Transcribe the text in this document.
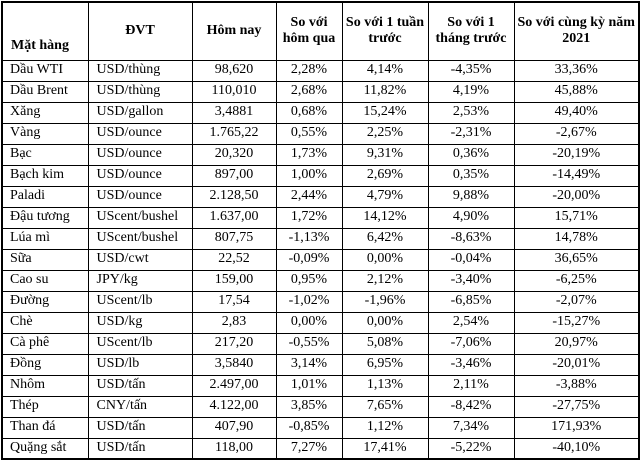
Mặt hàng	ĐVT	Hôm nay	So với hôm qua	So với 1 tuần trước	So với 1 tháng trước	So với cùng kỳ năm 2021
Dầu WTI	USD/thùng	98,620	2,28%	4,14%	-4,35%	33,36%
Dầu Brent	USD/thùng	110,010	2,68%	11,82%	4,19%	45,88%
Xăng	USD/gallon	3,4881	0,68%	15,24%	2,53%	49,40%
Vàng	USD/ounce	1.765,22	0,55%	2,25%	-2,31%	-2,67%
Bạc	USD/ounce	20,320	1,73%	9,31%	0,36%	-20,19%
Bạch kim	USD/ounce	897,00	1,00%	2,69%	0,35%	-14,49%
Paladi	USD/ounce	2.128,50	2,44%	4,79%	9,88%	-20,00%
Đậu tương	UScent/bushel	1.637,00	1,72%	14,12%	4,90%	15,71%
Lúa mì	UScent/bushel	807,75	-1,13%	6,42%	-8,63%	14,78%
Sữa	USD/cwt	22,52	-0,09%	0,00%	-0,04%	36,65%
Cao su	JPY/kg	159,00	0,95%	2,12%	-3,40%	-6,25%
Đường	UScent/lb	17,54	-1,02%	-1,96%	-6,85%	-2,07%
Chè	USD/kg	2,83	0,00%	0,00%	2,54%	-15,27%
Cà phê	UScent/lb	217,20	-0,55%	5,08%	-7,06%	20,97%
Đồng	USD/lb	3,5840	3,14%	6,95%	-3,46%	-20,01%
Nhôm	USD/tấn	2.497,00	1,01%	1,13%	2,11%	-3,88%
Thép	CNY/tấn	4.122,00	3,85%	7,65%	-8,42%	-27,75%
Than đá	USD/tấn	407,90	-0,85%	1,12%	7,34%	171,93%
Quặng sắt	USD/tấn	118,00	7,27%	17,41%	-5,22%	-40,10%
